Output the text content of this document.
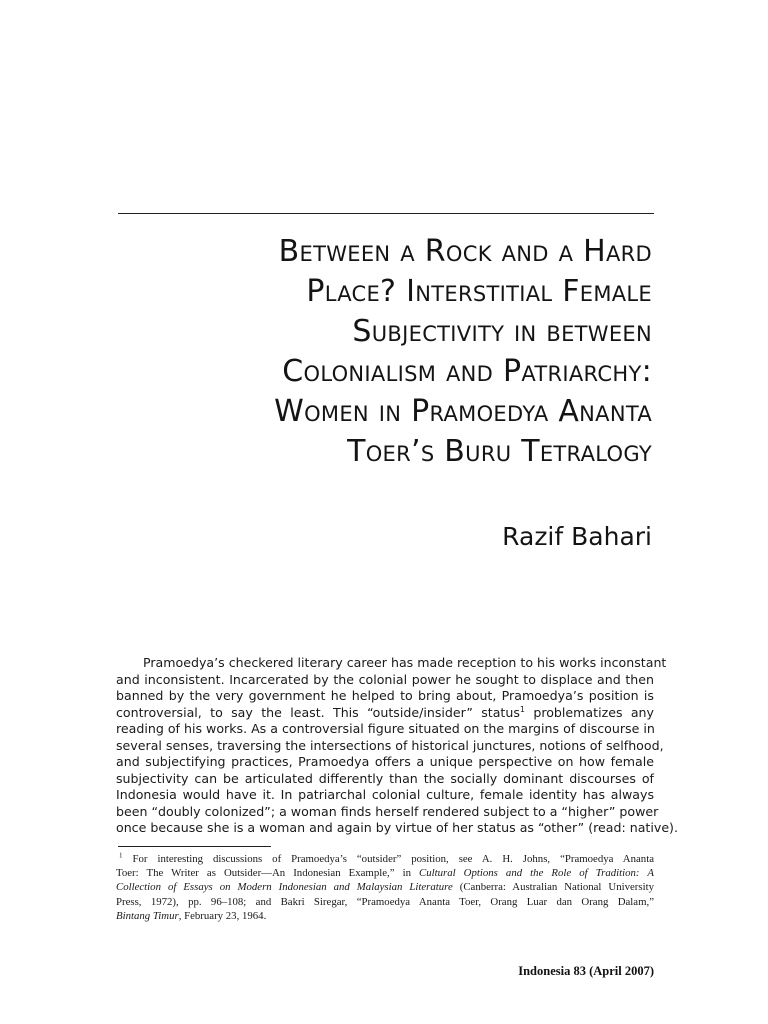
Between a Rock and a Hard
Place? Interstitial Female
Subjectivity in between
Colonialism and Patriarchy:
Women in Pramoedya Ananta
Toer’s Buru Tetralogy
Razif Bahari
Pramoedya’s checkered literary career has made reception to his works inconstant
and inconsistent. Incarcerated by the colonial power he sought to displace and then
banned by the very government he helped to bring about, Pramoedya’s position is
controversial, to say the least. This “outside/insider” status$^1$ problematizes any
reading of his works. As a controversial figure situated on the margins of discourse in
several senses, traversing the intersections of historical junctures, notions of selfhood,
and subjectifying practices, Pramoedya offers a unique perspective on how female
subjectivity can be articulated differently than the socially dominant discourses of
Indonesia would have it. In patriarchal colonial culture, female identity has always
been “doubly colonized”; a woman finds herself rendered subject to a “higher” power
once because she is a woman and again by virtue of her status as “other” (read: native).
$^1$ For interesting discussions of Pramoedya’s “outsider” position, see A. H. Johns, “Pramoedya Ananta
Toer: The Writer as Outsider—An Indonesian Example,” in Cultural Options and the Role of Tradition: A
Collection of Essays on Modern Indonesian and Malaysian Literature (Canberra: Australian National University
Press, 1972), pp. 96–108; and Bakri Siregar, “Pramoedya Ananta Toer, Orang Luar dan Orang Dalam,”
Bintang Timur, February 23, 1964.
Indonesia 83 (April 2007)
